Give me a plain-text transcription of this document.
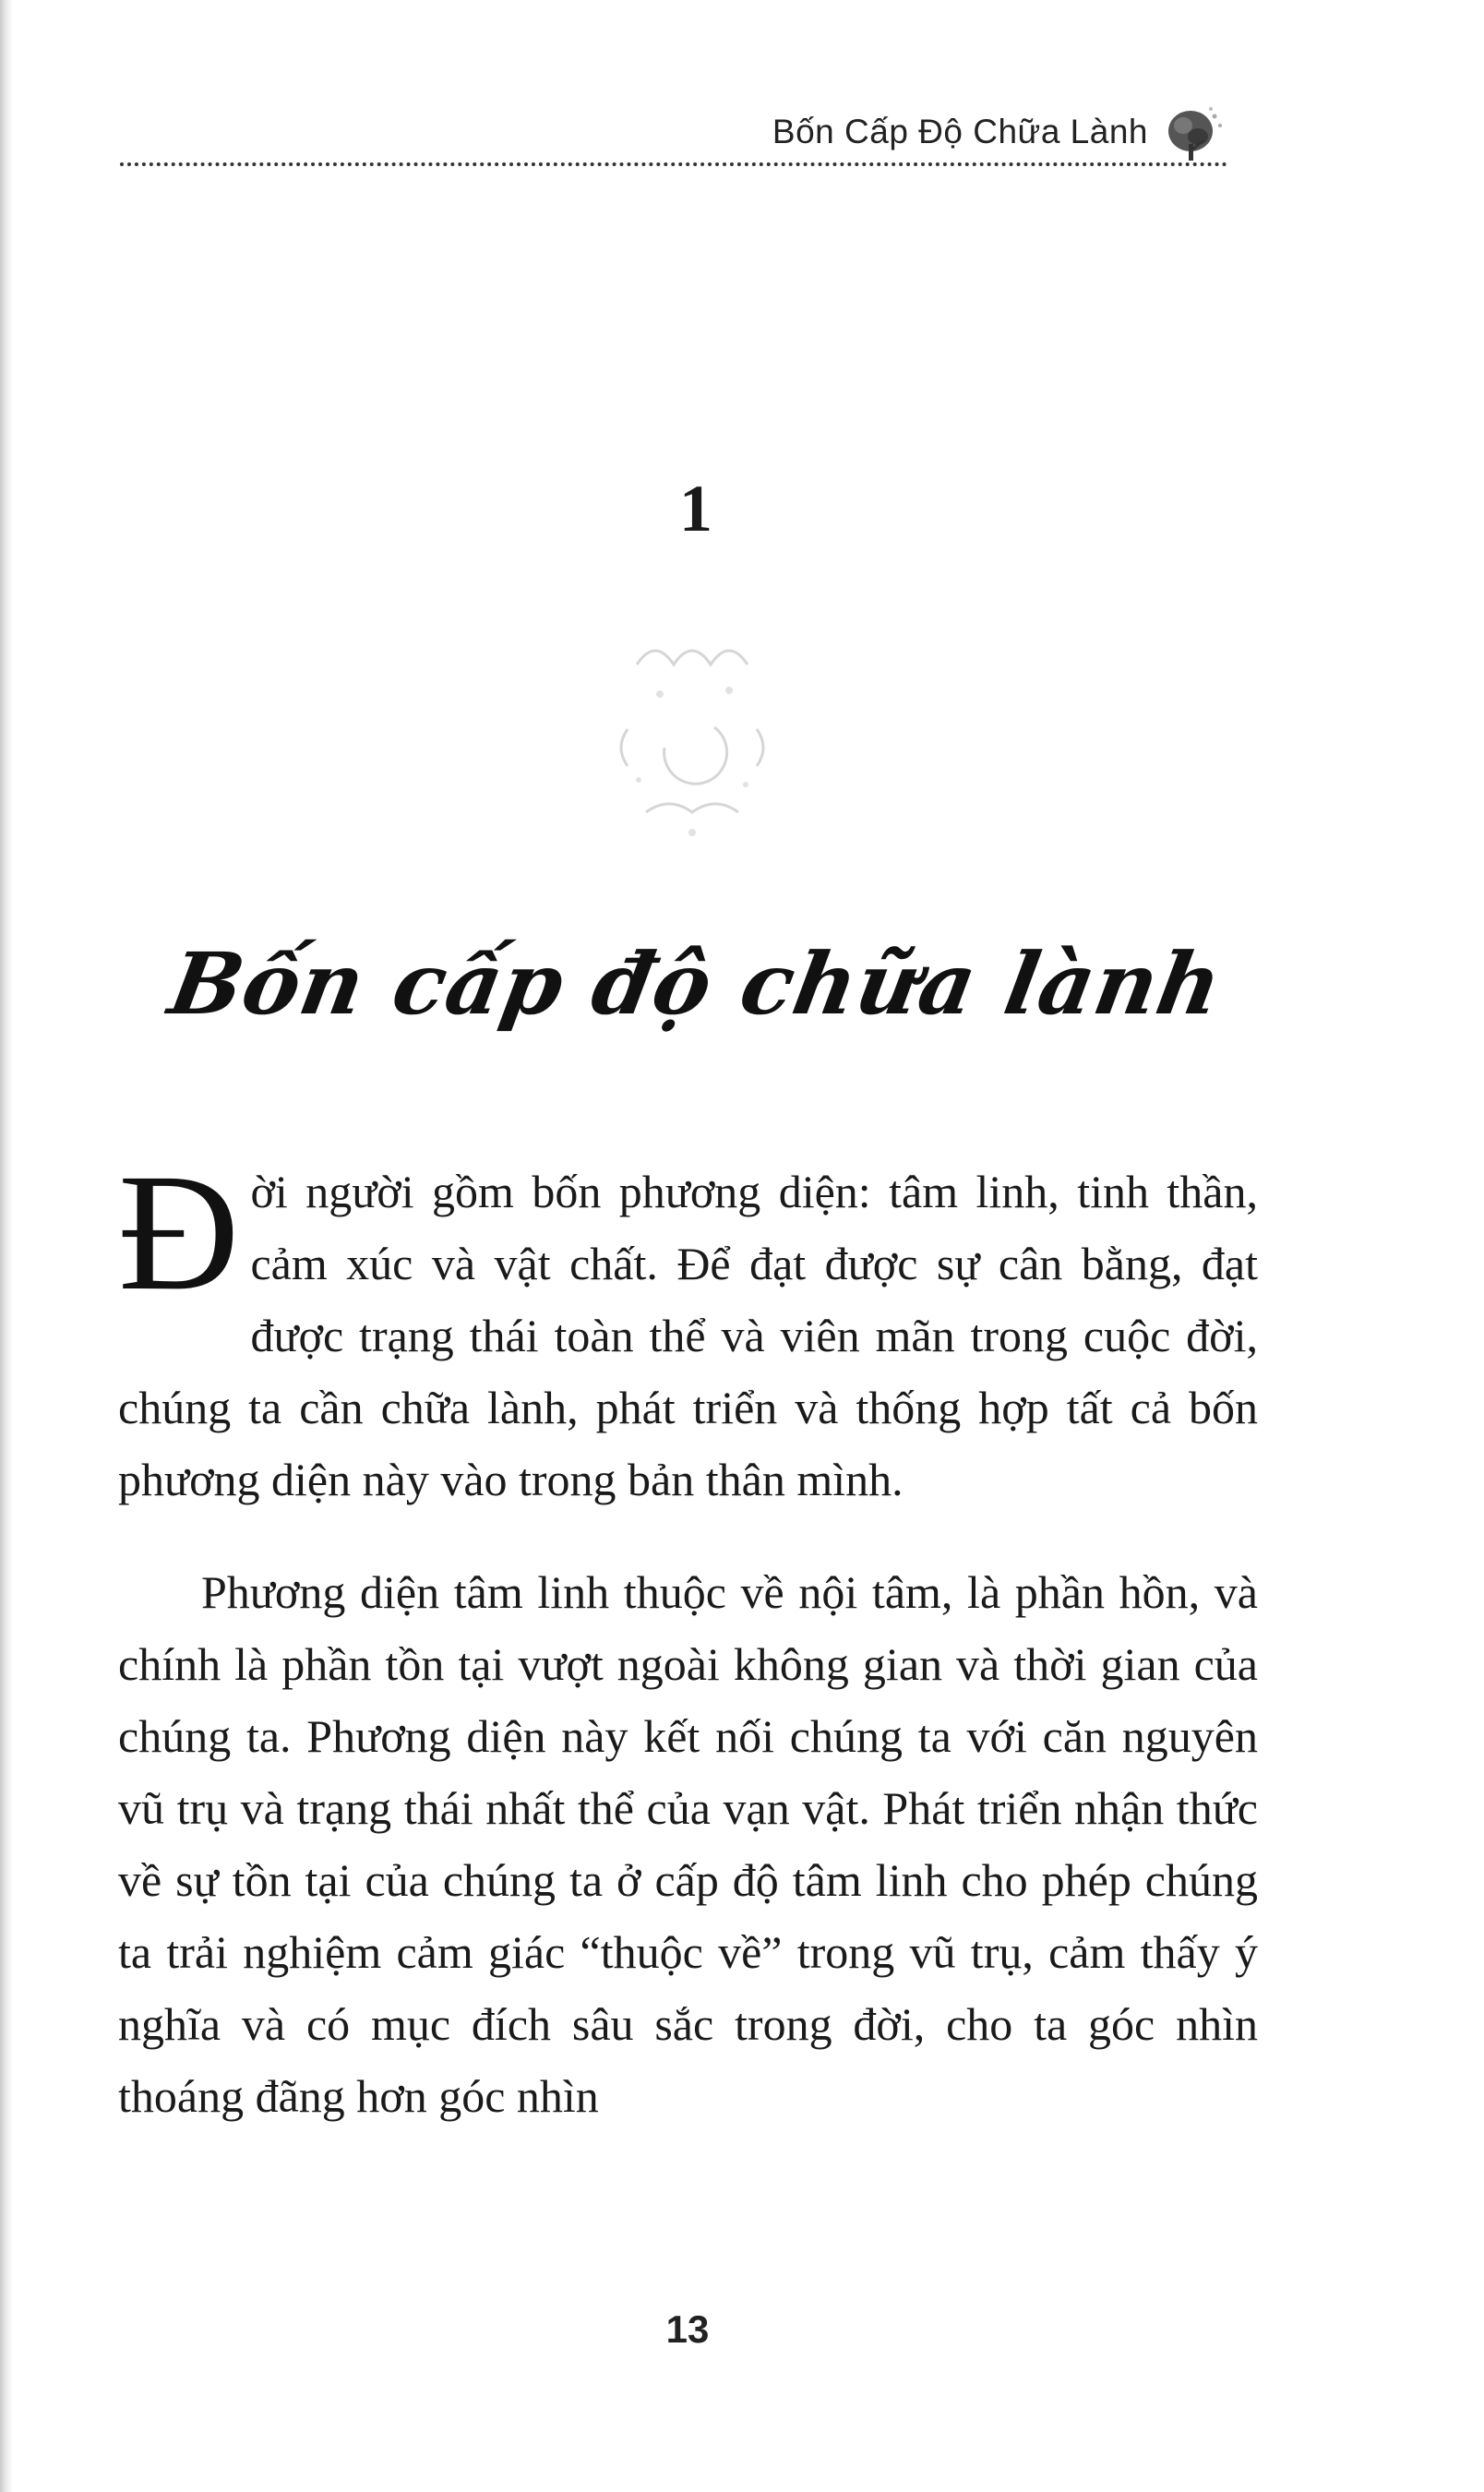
Bốn Cấp Độ Chữa Lành
1
Bốn cấp độ chữa lành

Đ ời người gồm bốn phương diện: tâm linh, tinh thần, cảm xúc và vật chất. Để đạt được sự cân bằng, đạt được trạng thái toàn thể và viên mãn trong cuộc đời, chúng ta cần chữa lành, phát triển và thống hợp tất cả bốn phương diện này vào trong bản thân mình.

Phương diện tâm linh thuộc về nội tâm, là phần hồn, và chính là phần tồn tại vượt ngoài không gian và thời gian của chúng ta. Phương diện này kết nối chúng ta với căn nguyên vũ trụ và trạng thái nhất thể của vạn vật. Phát triển nhận thức về sự tồn tại của chúng ta ở cấp độ tâm linh cho phép chúng ta trải nghiệm cảm giác “thuộc về” trong vũ trụ, cảm thấy ý nghĩa và có mục đích sâu sắc trong đời, cho ta góc nhìn thoáng đãng hơn góc nhìn

13
